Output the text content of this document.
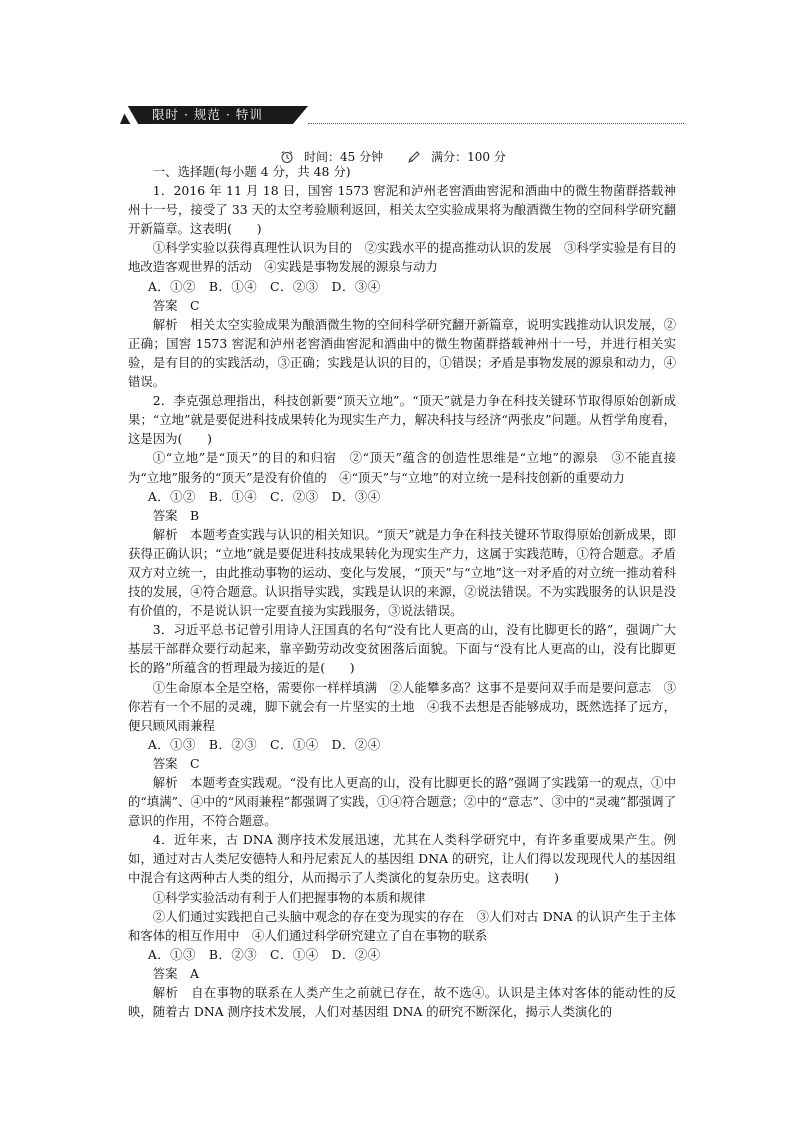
限时 · 规范 · 特训
时间：45 分钟	满分：100 分

一、选择题(每小题 4 分，共 48 分)

1．2016 年 11 月 18 日，国窖 1573 窖泥和泸州老窖酒曲窖泥和酒曲中的微生物菌群搭载神州十一号，接受了 33 天的太空考验顺利返回，相关太空实验成果将为酿酒微生物的空间科学研究翻开新篇章。这表明(　　)

①科学实验以获得真理性认识为目的　②实践水平的提高推动认识的发展　③科学实验是有目的地改造客观世界的活动　④实践是事物发展的源泉与动力

A．①②　B．①④　C．②③　D．③④

答案　C

解析　相关太空实验成果为酿酒微生物的空间科学研究翻开新篇章，说明实践推动认识发展，②正确；国窖 1573 窖泥和泸州老窖酒曲窖泥和酒曲中的微生物菌群搭载神州十一号，并进行相关实验，是有目的的实践活动，③正确；实践是认识的目的，①错误；矛盾是事物发展的源泉和动力，④错误。

2．李克强总理指出，科技创新要“顶天立地”。“顶天”就是力争在科技关键环节取得原始创新成果；“立地”就是要促进科技成果转化为现实生产力，解决科技与经济“两张皮”问题。从哲学角度看，这是因为(　　)

①“立地”是“顶天”的目的和归宿　②“顶天”蕴含的创造性思维是“立地”的源泉　③不能直接为“立地”服务的“顶天”是没有价值的　④“顶天”与“立地”的对立统一是科技创新的重要动力

A．①②　B．①④　C．②③　D．③④

答案　B

解析　本题考查实践与认识的相关知识。“顶天”就是力争在科技关键环节取得原始创新成果，即获得正确认识；“立地”就是要促进科技成果转化为现实生产力，这属于实践范畴，①符合题意。矛盾双方对立统一，由此推动事物的运动、变化与发展，“顶天”与“立地”这一对矛盾的对立统一推动着科技的发展，④符合题意。认识指导实践，实践是认识的来源，②说法错误。不为实践服务的认识是没有价值的，不是说认识一定要直接为实践服务，③说法错误。

3．习近平总书记曾引用诗人汪国真的名句“没有比人更高的山，没有比脚更长的路”，强调广大基层干部群众要行动起来，靠辛勤劳动改变贫困落后面貌。下面与“没有比人更高的山，没有比脚更长的路”所蕴含的哲理最为接近的是(　　)

①生命原本全是空格，需要你一样样填满　②人能攀多高？这事不是要问双手而是要问意志　③你若有一个不屈的灵魂，脚下就会有一片坚实的土地　④我不去想是否能够成功，既然选择了远方，便只顾风雨兼程

A．①③　B．②③　C．①④　D．②④

答案　C

解析　本题考查实践观。“没有比人更高的山，没有比脚更长的路”强调了实践第一的观点，①中的“填满”、④中的“风雨兼程”都强调了实践，①④符合题意；②中的“意志”、③中的“灵魂”都强调了意识的作用，不符合题意。

4．近年来，古 DNA 测序技术发展迅速，尤其在人类科学研究中，有许多重要成果产生。例如，通过对古人类尼安德特人和丹尼索瓦人的基因组 DNA 的研究，让人们得以发现现代人的基因组中混合有这两种古人类的组分，从而揭示了人类演化的复杂历史。这表明(　　)

①科学实验活动有利于人们把握事物的本质和规律

②人们通过实践把自己头脑中观念的存在变为现实的存在　③人们对古 DNA 的认识产生于主体和客体的相互作用中　④人们通过科学研究建立了自在事物的联系

A．①③　B．②③　C．①④　D．②④

答案　A

解析　自在事物的联系在人类产生之前就已存在，故不选④。认识是主体对客体的能动性的反映，随着古 DNA 测序技术发展，人们对基因组 DNA 的研究不断深化，揭示人类演化的
